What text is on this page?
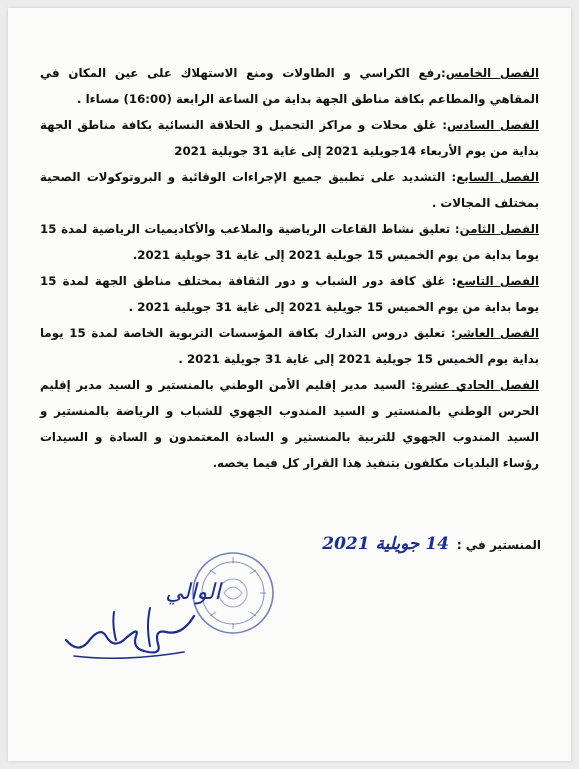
الفصل الخامس:رفع الكراسي و الطاولات ومنع الاستهلاك على عين المكان في المقاهي والمطاعم بكافة مناطق الجهة بداية من الساعة الرابعة (16:00) مساءا .

الفصل السادس: غلق محلات و مراكز التجميل و الحلاقة النسائية بكافة مناطق الجهة بداية من يوم الأربعاء 14جويلية 2021 إلى غاية 31 جويلية 2021

الفصل السابع: التشديد على تطبيق جميع الإجراءات الوقائية و البروتوكولات الصحية بمختلف المجالات .

الفصل الثامن: تعليق نشاط القاعات الرياضية والملاعب والأكاديميات الرياضية لمدة 15 يوما بداية من يوم الخميس 15 جويلية 2021 إلى غاية 31 جويلية 2021.

الفصل التاسع: غلق كافة دور الشباب و دور الثقافة بمختلف مناطق الجهة لمدة 15 يوما بداية من يوم الخميس 15 جويلية 2021 إلى غاية 31 جويلية 2021 .

الفصل العاشر: تعليق دروس التدارك بكافة المؤسسات التربوية الخاصة لمدة 15 يوما بداية يوم الخميس 15 جويلية 2021 إلى غاية 31 جويلية 2021 .

الفصل الحادي عشرة: السيد مدير إقليم الأمن الوطني بالمنستير و السيد مدير إقليم الحرس الوطني بالمنستير و السيد المندوب الجهوي للشباب و الرياضة بالمنستير و السيد المندوب الجهوي للتربية بالمنستير و السادة المعتمدون و السادة و السيدات رؤساء البلديات مكلفون بتنفيذ هذا القرار كل فيما يخصه.

المنستير في :
14 جويلية 2021
الوالي
